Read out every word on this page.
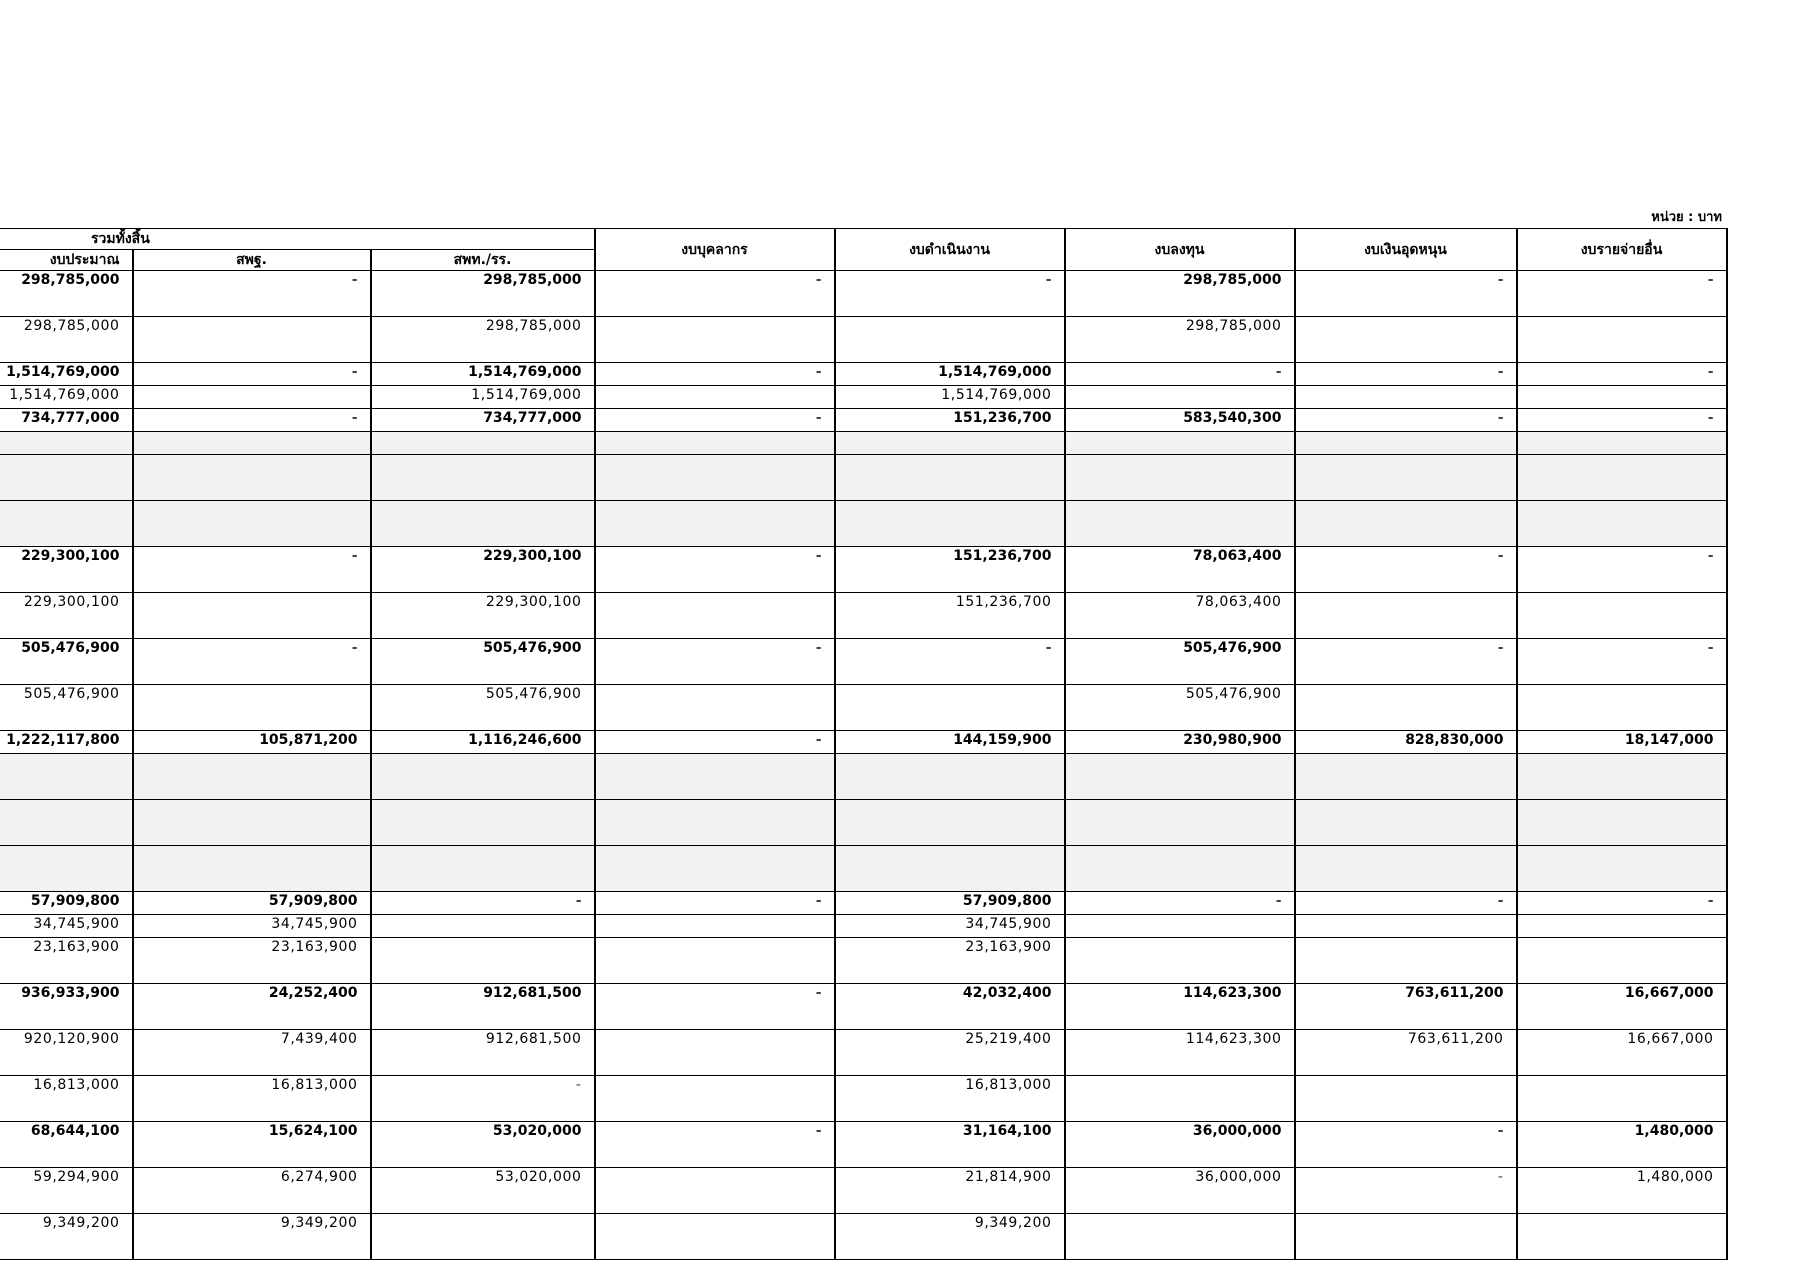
หน่วย : บาท
รวมทั้งสิ้น			งบบุคลากร	งบดำเนินงาน	งบลงทุน	งบเงินอุดหนุน	งบรายจ่ายอื่น
งบประมาณ	สพฐ.	สพท./รร.					
298,785,000	-	298,785,000	-	-	298,785,000	-	-
298,785,000		298,785,000			298,785,000		
1,514,769,000	-	1,514,769,000	-	1,514,769,000	-	-	-
1,514,769,000		1,514,769,000		1,514,769,000			
734,777,000	-	734,777,000	-	151,236,700	583,540,300	-	-

229,300,100	-	229,300,100	-	151,236,700	78,063,400	-	-
229,300,100		229,300,100		151,236,700	78,063,400		
505,476,900	-	505,476,900	-	-	505,476,900	-	-
505,476,900		505,476,900			505,476,900		
1,222,117,800	105,871,200	1,116,246,600	-	144,159,900	230,980,900	828,830,000	18,147,000

57,909,800	57,909,800	-	-	57,909,800	-	-	-
34,745,900	34,745,900			34,745,900			
23,163,900	23,163,900			23,163,900			
936,933,900	24,252,400	912,681,500	-	42,032,400	114,623,300	763,611,200	16,667,000
920,120,900	7,439,400	912,681,500		25,219,400	114,623,300	763,611,200	16,667,000
16,813,000	16,813,000	-		16,813,000			
68,644,100	15,624,100	53,020,000	-	31,164,100	36,000,000	-	1,480,000
59,294,900	6,274,900	53,020,000		21,814,900	36,000,000	-	1,480,000
9,349,200	9,349,200			9,349,200			
